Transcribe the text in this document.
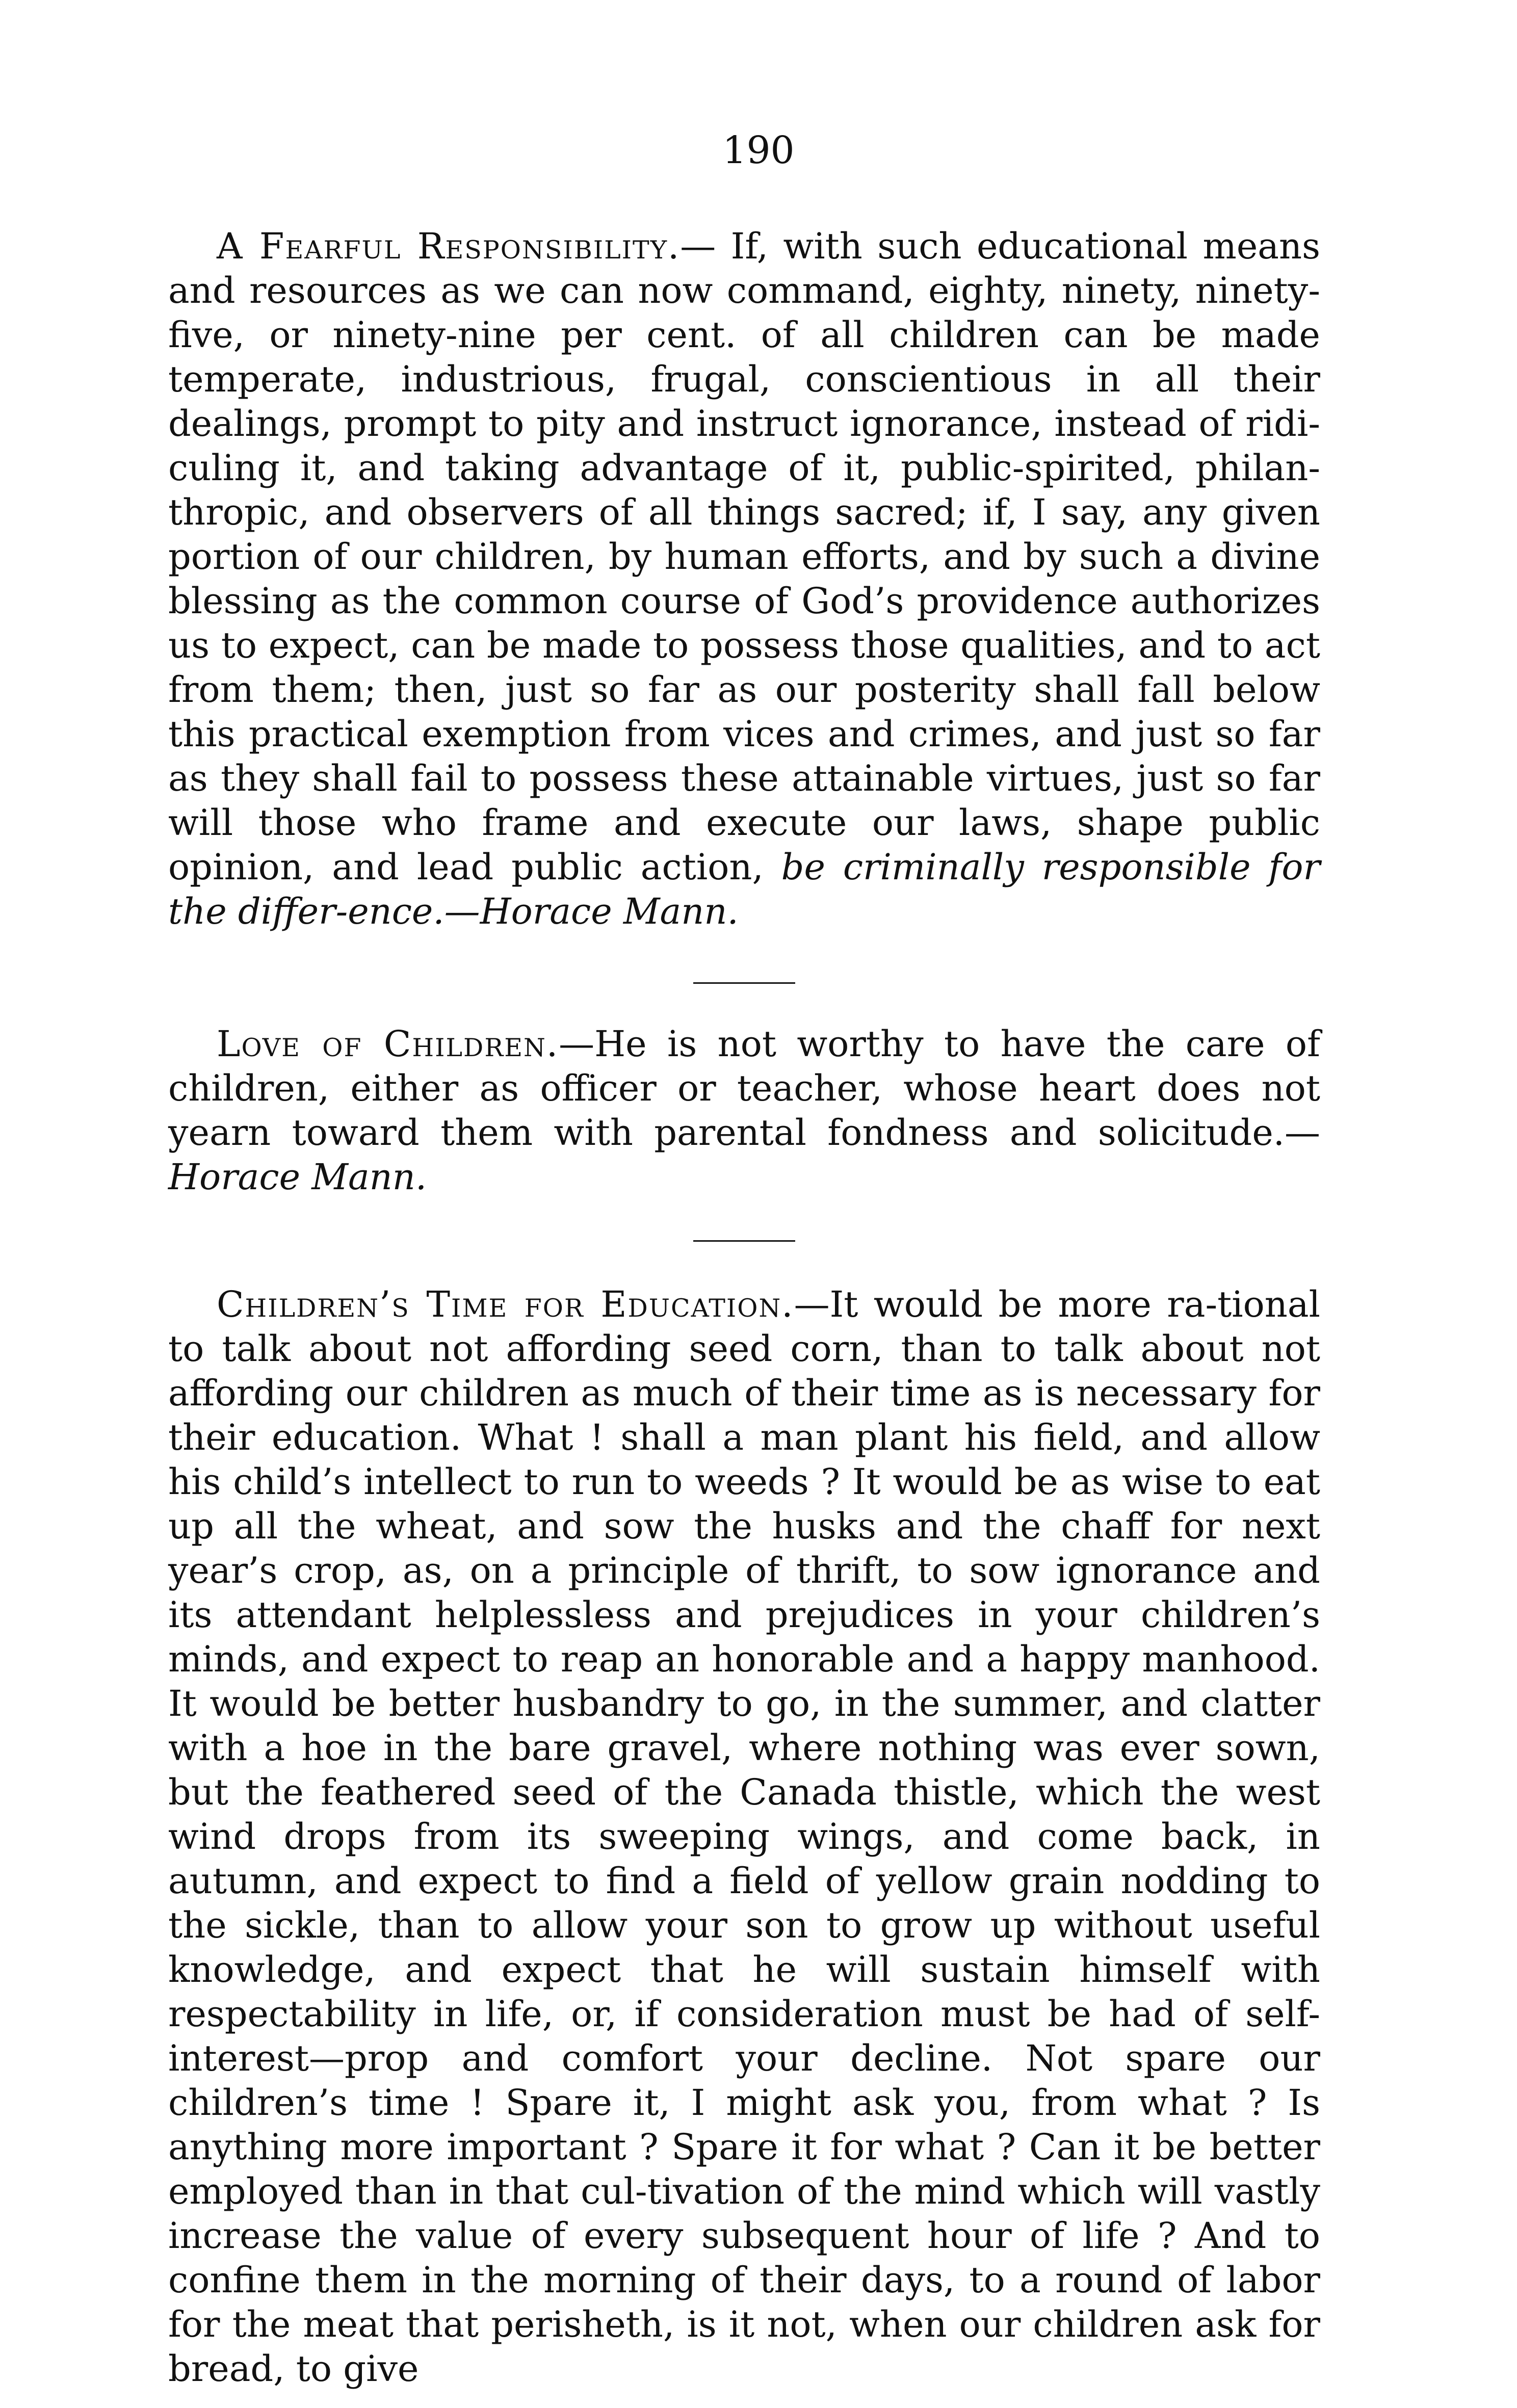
190

A Fearful Responsibility.— If, with such educational means and resources as we can now command, eighty, ninety, ninety-five, or ninety-nine per cent. of all children can be made temperate, industrious, frugal, conscientious in all their dealings, prompt to pity and instruct ignorance, instead of ridi-culing it, and taking advantage of it, public-spirited, philan-thropic, and observers of all things sacred; if, I say, any given portion of our children, by human efforts, and by such a divine blessing as the common course of God’s providence authorizes us to expect, can be made to possess those qualities, and to act from them; then, just so far as our posterity shall fall below this practical exemption from vices and crimes, and just so far as they shall fail to possess these attainable virtues, just so far will those who frame and execute our laws, shape public opinion, and lead public action, be criminally responsible for the differ-ence.—Horace Mann.

Love of Children.—He is not worthy to have the care of children, either as officer or teacher, whose heart does not yearn toward them with parental fondness and solicitude.— Horace Mann.

Children’s Time for Education.—It would be more ra-tional to talk about not affording seed corn, than to talk about not affording our children as much of their time as is necessary for their education. What ! shall a man plant his field, and allow his child’s intellect to run to weeds ? It would be as wise to eat up all the wheat, and sow the husks and the chaff for next year’s crop, as, on a principle of thrift, to sow ignorance and its attendant helplessless and prejudices in your children’s minds, and expect to reap an honorable and a happy manhood. It would be better husbandry to go, in the summer, and clatter with a hoe in the bare gravel, where nothing was ever sown, but the feathered seed of the Canada thistle, which the west wind drops from its sweeping wings, and come back, in autumn, and expect to find a field of yellow grain nodding to the sickle, than to allow your son to grow up without useful knowledge, and expect that he will sustain himself with respectability in life, or, if consideration must be had of self-interest—prop and comfort your decline. Not spare our children’s time ! Spare it, I might ask you, from what ? Is anything more important ? Spare it for what ? Can it be better employed than in that cul-tivation of the mind which will vastly increase the value of every subsequent hour of life ? And to confine them in the morning of their days, to a round of labor for the meat that perisheth, is it not, when our children ask for bread, to give
